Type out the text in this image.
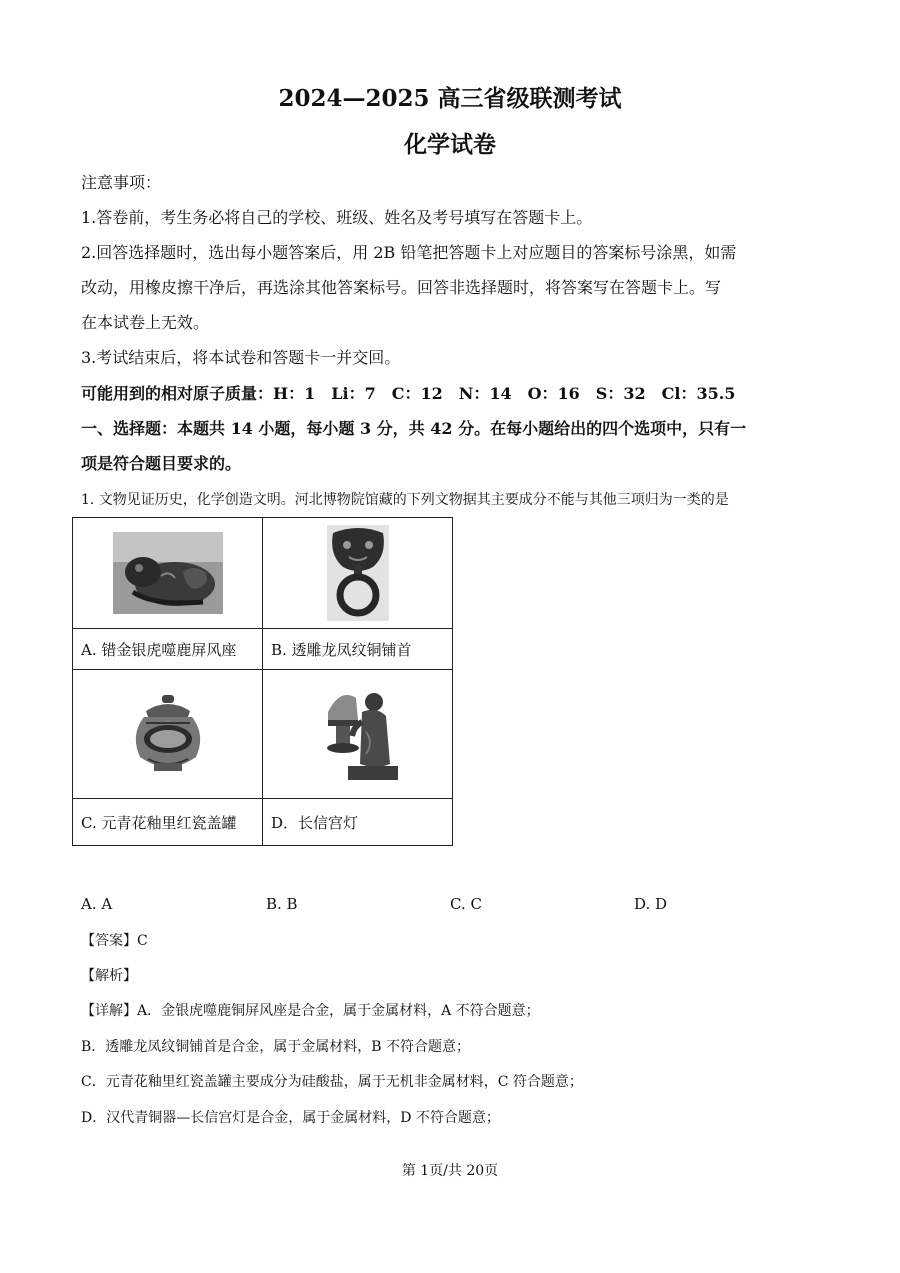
2024—2025 高三省级联测考试
化学试卷
注意事项：
1.答卷前，考生务必将自己的学校、班级、姓名及考号填写在答题卡上。
2.回答选择题时，选出每小题答案后，用 2B 铅笔把答题卡上对应题目的答案标号涂黑，如需
改动，用橡皮擦干净后，再选涂其他答案标号。回答非选择题时，将答案写在答题卡上。写
在本试卷上无效。
3.考试结束后，将本试卷和答题卡一并交回。
可能用到的相对原子质量：H：1　Li：7　C：12　N：14　O：16　S：32　Cl：35.5
一、选择题：本题共 14 小题，每小题 3 分，共 42 分。在每小题给出的四个选项中，只有一
项是符合题目要求的。
1. 文物见证历史，化学创造文明。河北博物院馆藏的下列文物据其主要成分不能与其他三项归为一类的是

A. 错金银虎噬鹿屏风座	B. 透雕龙凤纹铜铺首

C. 元青花釉里红瓷盖罐	D．长信宫灯
A. A	B. B	C. C	D. D
【答案】C
【解析】
【详解】A．金银虎噬鹿铜屏风座是合金，属于金属材料，A 不符合题意；
B．透雕龙凤纹铜铺首是合金，属于金属材料，B 不符合题意；
C．元青花釉里红瓷盖罐主要成分为硅酸盐，属于无机非金属材料，C 符合题意；
D．汉代青铜器—长信宫灯是合金，属于金属材料，D 不符合题意；
第 1页/共 20页
